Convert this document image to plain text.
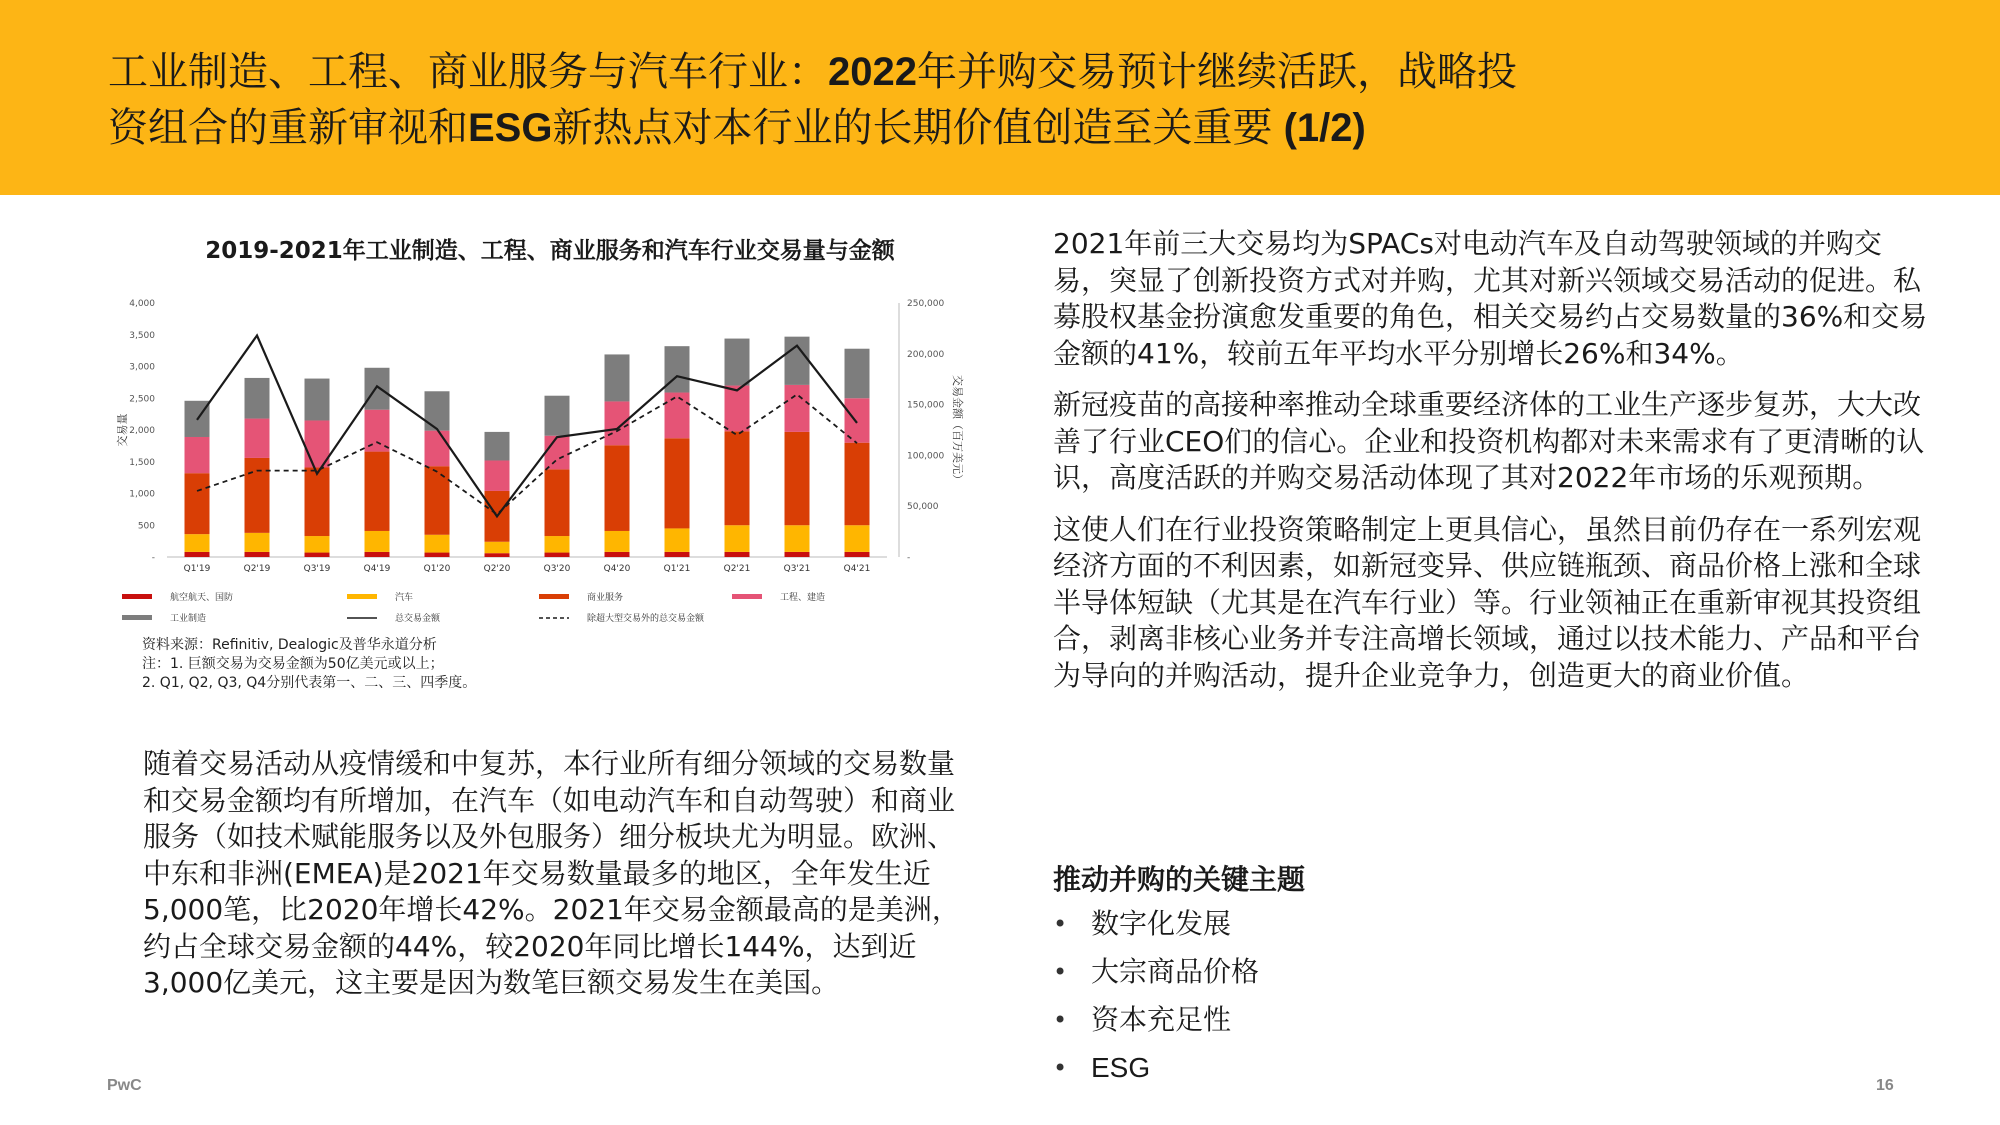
工业制造、工程、商业服务与汽车行业：2022年并购交易预计继续活跃，战略投
资组合的重新审视和ESG新热点对本行业的长期价值创造至关重要 (1/2)
2019-2021年工业制造、工程、商业服务和汽车行业交易量与金额
-
500
1,000
1,500
2,000
2,500
3,000
3,500
4,000
-
50,000
100,000
150,000
200,000
250,000
交易量	交易金额（百万美元）
Q1'19	Q2'19	Q3'19	Q4'19	Q1'20	Q2'20	Q3'20	Q4'20	Q1'21	Q2'21	Q3'21	Q4'21
航空航天、国防	汽车	商业服务	工程、建造
工业制造	总交易金额	除超大型交易外的总交易金额
资料来源：Refinitiv, Dealogic及普华永道分析
注：1. 巨额交易为交易金额为50亿美元或以上；
2. Q1, Q2, Q3, Q4分别代表第一、二、三、四季度。

随着交易活动从疫情缓和中复苏，本行业所有细分领域的交易数量和交易金额均有所增加，在汽车（如电动汽车和自动驾驶）和商业服务（如技术赋能服务以及外包服务）细分板块尤为明显。欧洲、中东和非洲(EMEA)是2021年交易数量最多的地区，全年发生近5,000笔，比2020年增长42%。2021年交易金额最高的是美洲，约占全球交易金额的44%，较2020年同比增长144%，达到近3,000亿美元，这主要是因为数笔巨额交易发生在美国。

2021年前三大交易均为SPACs对电动汽车及自动驾驶领域的并购交易，突显了创新投资方式对并购，尤其对新兴领域交易活动的促进。私募股权基金扮演愈发重要的角色，相关交易约占交易数量的36%和交易金额的41%，较前五年平均水平分别增长26%和34%。

新冠疫苗的高接种率推动全球重要经济体的工业生产逐步复苏，大大改善了行业CEO们的信心。企业和投资机构都对未来需求有了更清晰的认识，高度活跃的并购交易活动体现了其对2022年市场的乐观预期。

这使人们在行业投资策略制定上更具信心，虽然目前仍存在一系列宏观经济方面的不利因素，如新冠变异、供应链瓶颈、商品价格上涨和全球半导体短缺（尤其是在汽车行业）等。行业领袖正在重新审视其投资组合，剥离非核心业务并专注高增长领域，通过以技术能力、产品和平台为导向的并购活动，提升企业竞争力，创造更大的商业价值。

推动并购的关键主题
• 数字化发展
• 大宗商品价格
• 资本充足性
• ESG
PwC	16
